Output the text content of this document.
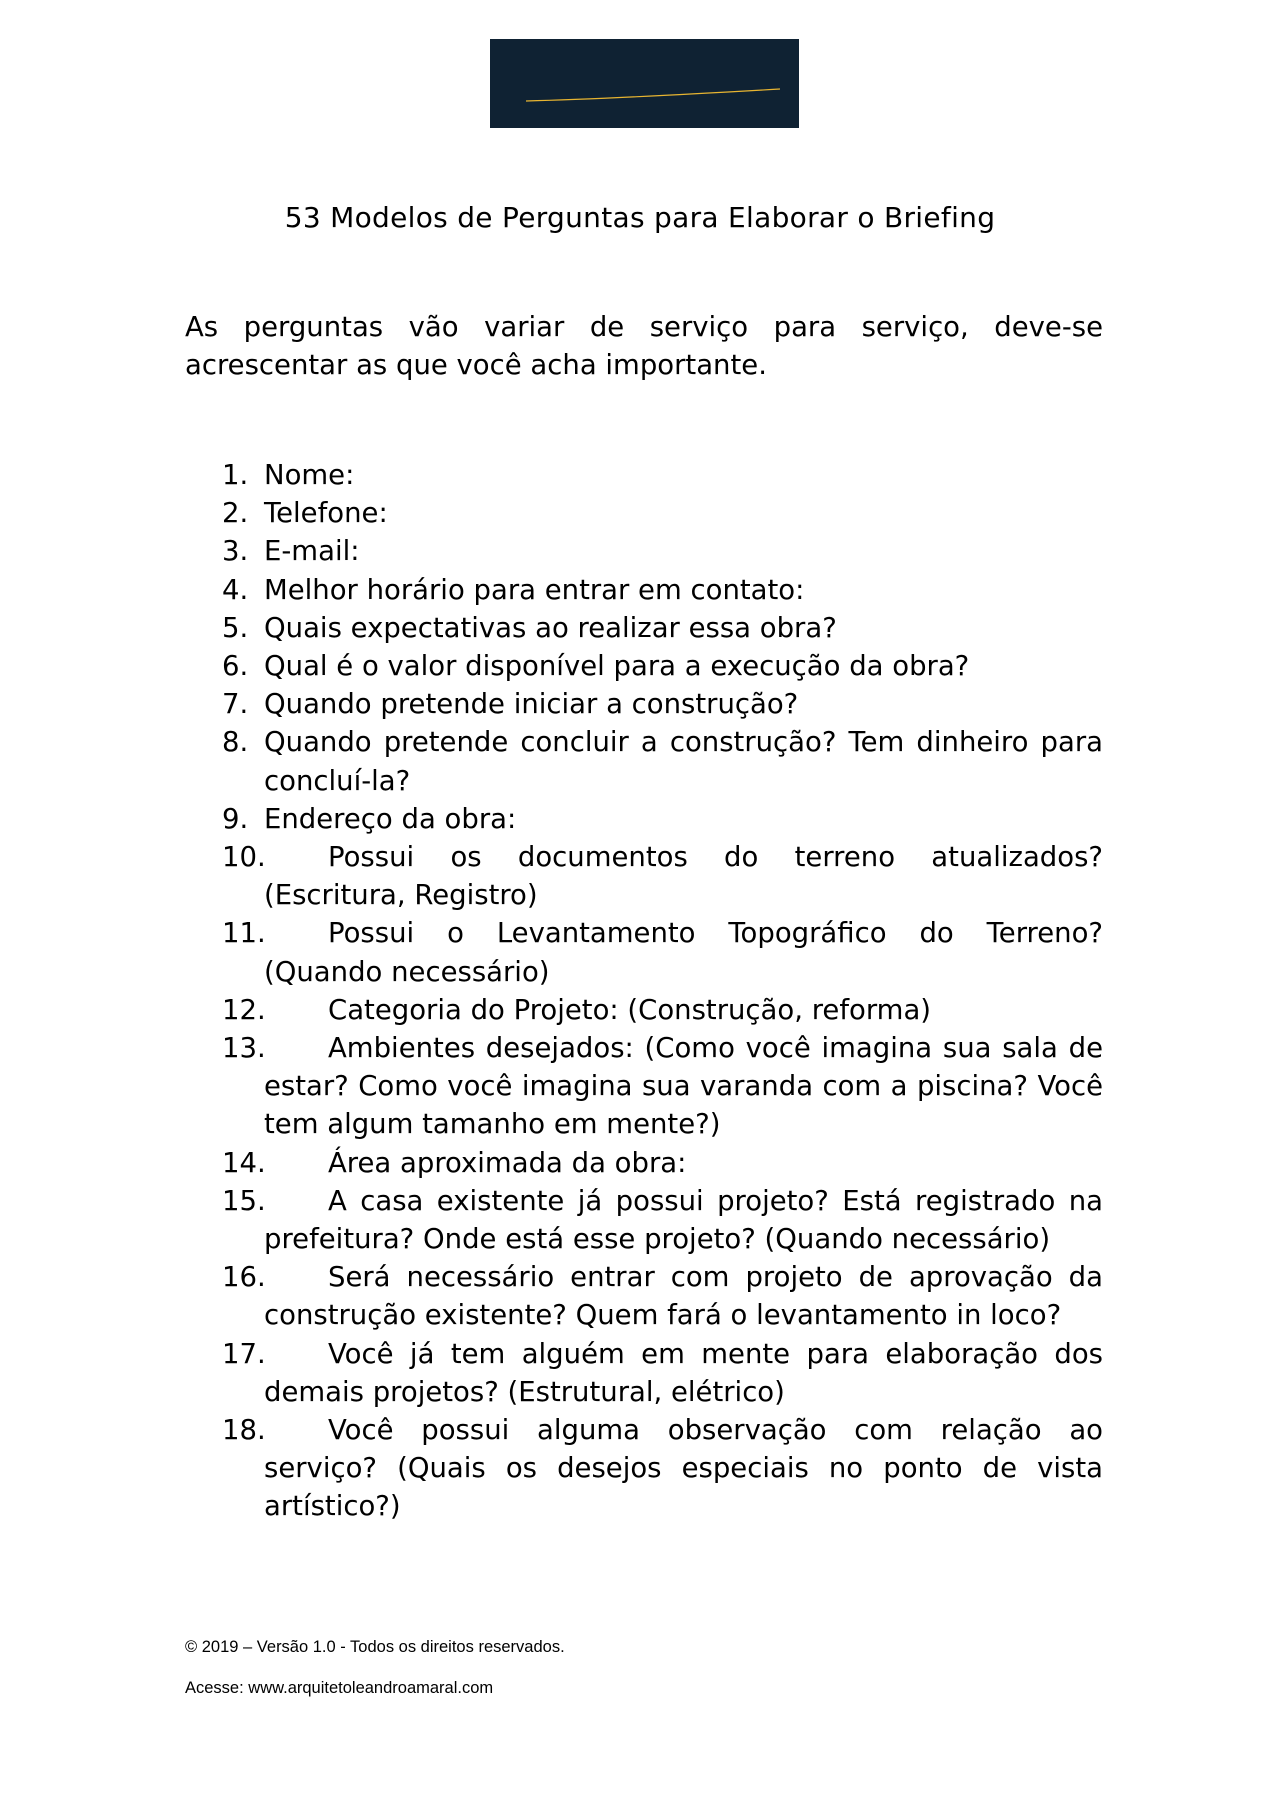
53 Modelos de Perguntas para Elaborar o Briefing

As perguntas vão variar de serviço para serviço, deve-se acrescentar as que você acha importante.

1. Nome:
2. Telefone:
3. E-mail:
4. Melhor horário para entrar em contato:
5. Quais expectativas ao realizar essa obra?
6. Qual é o valor disponível para a execução da obra?
7. Quando pretende iniciar a construção?
8. Quando pretende concluir a construção? Tem dinheiro para concluí-la?
9. Endereço da obra:
10.	Possui os documentos do terreno atualizados? (Escritura, Registro)
11.	Possui o Levantamento Topográfico do Terreno? (Quando necessário)
12.	Categoria do Projeto: (Construção, reforma)
13.	Ambientes desejados: (Como você imagina sua sala de estar? Como você imagina sua varanda com a piscina? Você tem algum tamanho em mente?)
14.	Área aproximada da obra:
15.	A casa existente já possui projeto? Está registrado na prefeitura? Onde está esse projeto? (Quando necessário)
16.	Será necessário entrar com projeto de aprovação da construção existente? Quem fará o levantamento in loco?
17.	Você já tem alguém em mente para elaboração dos demais projetos? (Estrutural, elétrico)
18.	Você possui alguma observação com relação ao serviço? (Quais os desejos especiais no ponto de vista artístico?)

© 2019 – Versão 1.0 - Todos os direitos reservados.

Acesse: www.arquitetoleandroamaral.com
